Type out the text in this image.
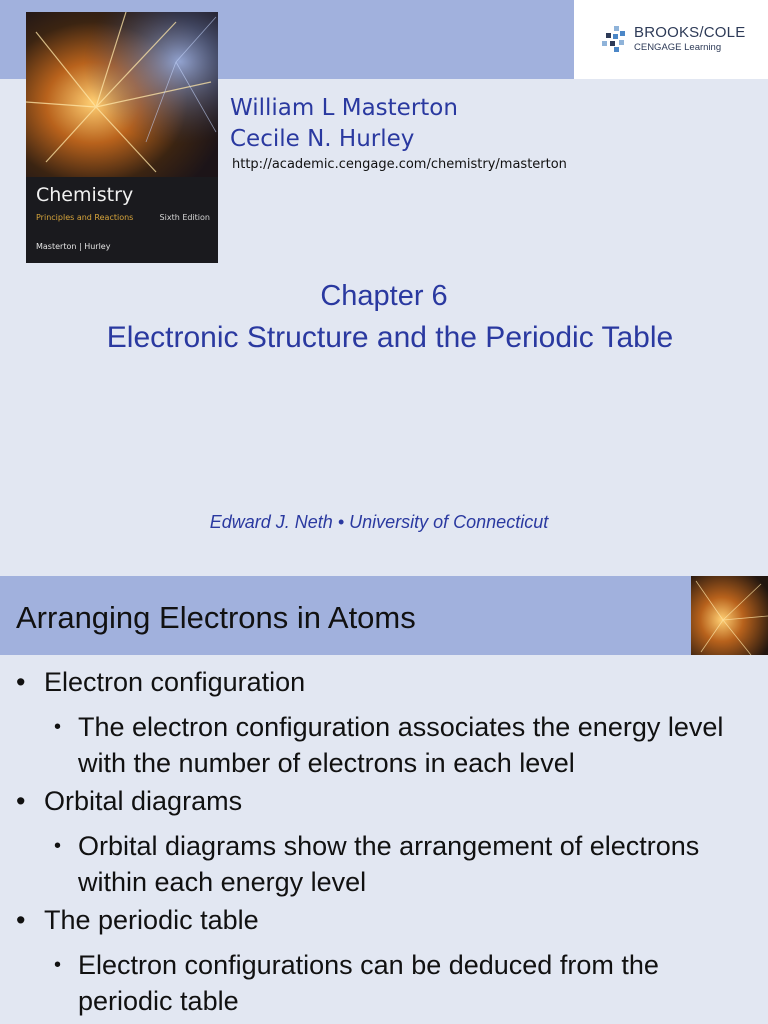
BROOKS/COLE
CENGAGE Learning
Chemistry
Principles and Reactions	Sixth Edition
Masterton | Hurley
William L Masterton
Cecile N. Hurley
http://academic.cengage.com/chemistry/masterton
Chapter 6
Electronic Structure and the Periodic Table
Edward J. Neth • University of Connecticut
Arranging Electrons in Atoms
• Electron configuration
• The electron configuration associates the energy level with the number of electrons in each level
• Orbital diagrams
• Orbital diagrams show the arrangement of electrons within each energy level
• The periodic table
• Electron configurations can be deduced from the periodic table
